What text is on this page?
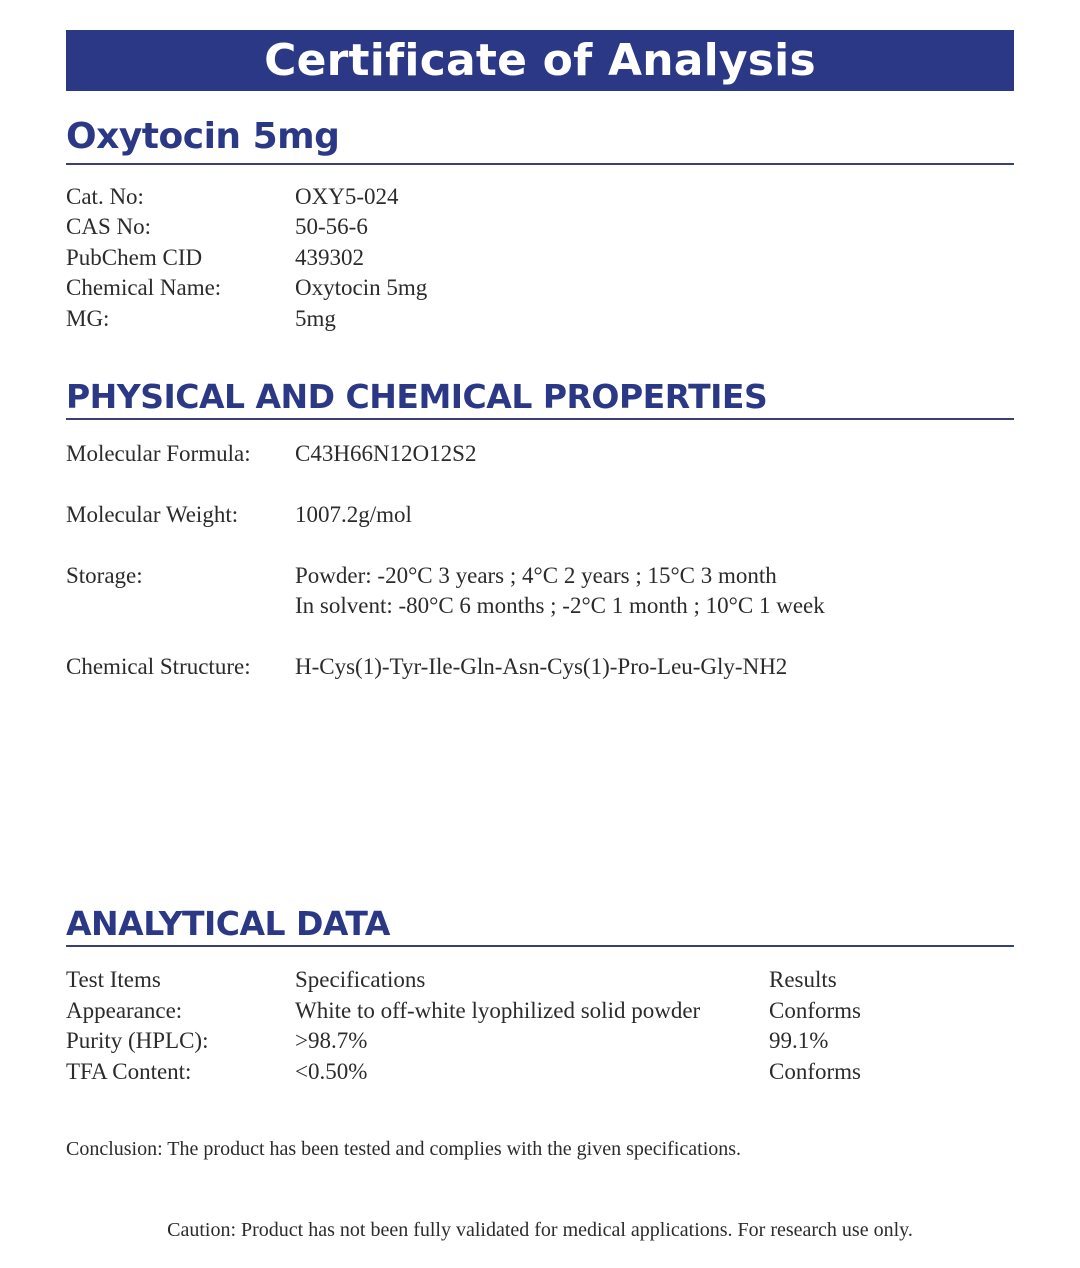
Certificate of Analysis
Oxytocin 5mg
Cat. No:	OXY5-024
CAS No:	50-56-6
PubChem CID	439302
Chemical Name:	Oxytocin 5mg
MG:	5mg
PHYSICAL AND CHEMICAL PROPERTIES
Molecular Formula: C43H66N12O12S2
Molecular Weight: 1007.2g/mol
Storage:	Powder: -20°C 3 years ; 4°C 2 years ; 15°C 3 month
In solvent: -80°C 6 months ; -2°C 1 month ; 10°C 1 week
Chemical Structure: H-Cys(1)-Tyr-Ile-Gln-Asn-Cys(1)-Pro-Leu-Gly-NH2
ANALYTICAL DATA
Test Items	Specifications	Results
Appearance:	White to off-white lyophilized solid powder	Conforms
Purity (HPLC):	>98.7%	99.1%
TFA Content:	<0.50%	Conforms
Conclusion: The product has been tested and complies with the given specifications.
Caution: Product has not been fully validated for medical applications. For research use only.
